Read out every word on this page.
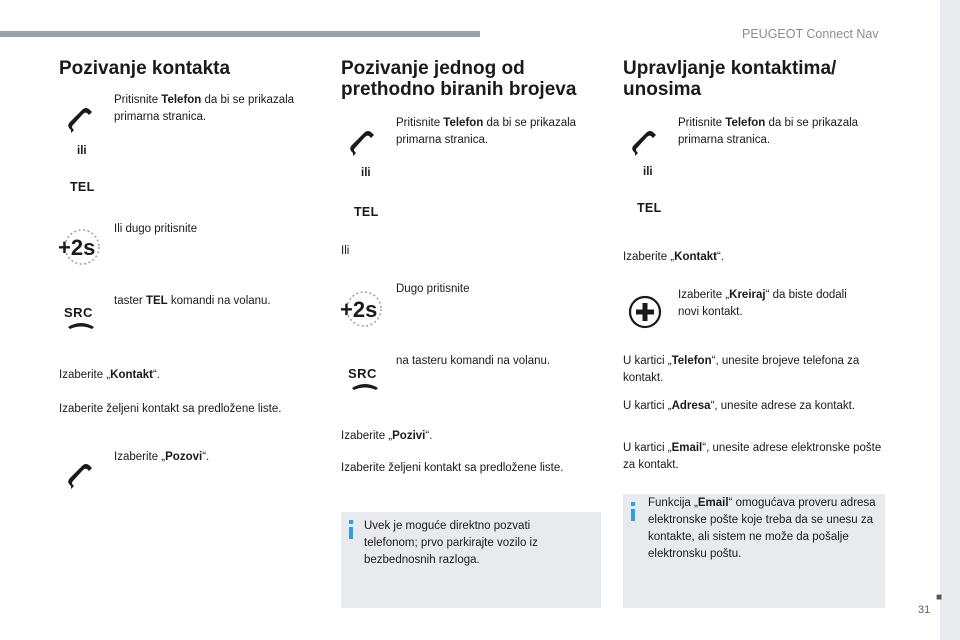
PEUGEOT Connect Nav
■
31
Pozivanje kontakta
Pritisnite Telefon da bi se prikazala primarna stranica.
ili
TEL
+2s
Ili dugo pritisnite
SRC
taster TEL komandi na volanu.
Izaberite „Kontakt“.
Izaberite željeni kontakt sa predložene liste.
Izaberite „Pozovi“.
Pozivanje jednog od
prethodno biranih brojeva
Pritisnite Telefon da bi se prikazala primarna stranica.
ili
TEL
Ili
+2s
Dugo pritisnite
SRC
na tasteru komandi na volanu.
Izaberite „Pozivi“.
Izaberite željeni kontakt sa predložene liste.
Uvek je moguće direktno pozvati telefonom; prvo parkirajte vozilo iz bezbednosnih razloga.
Upravljanje kontaktima/
unosima
Pritisnite Telefon da bi se prikazala primarna stranica.
ili
TEL
Izaberite „Kontakt“.
Izaberite „Kreiraj“ da biste dodali novi kontakt.
U kartici „Telefon“, unesite brojeve telefona za kontakt.
U kartici „Adresa“, unesite adrese za kontakt.
U kartici „Email“, unesite adrese elektronske pošte za kontakt.
Funkcija „Email“ omogućava proveru adresa elektronske pošte koje treba da se unesu za kontakte, ali sistem ne može da pošalje elektronsku poštu.
